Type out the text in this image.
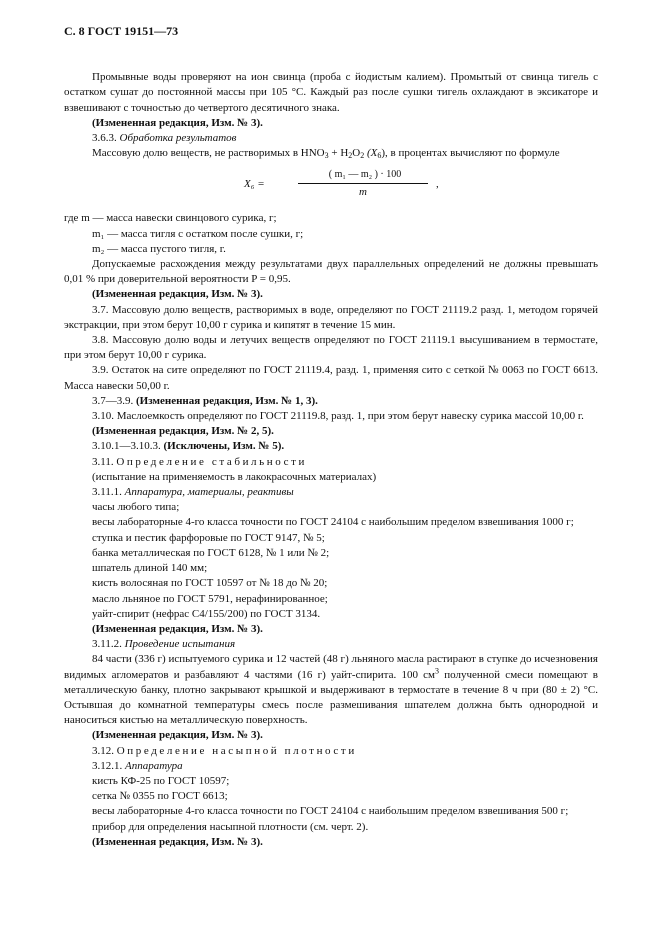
С. 8 ГОСТ 19151—73

Промывные воды проверяют на ион свинца (проба с йодистым калием). Промытый от свинца тигель с остатком сушат до постоянной массы при 105 °С. Каждый раз после сушки тигель охлаждают в эксикаторе и взвешивают с точностью до четвертого десятичного знака.

(Измененная редакция, Изм. № 3).

3.6.3. Обработка результатов

Массовую долю веществ, не растворимых в $HNO_3 + H_2O_2$ $(X_6)$, в процентах вычисляют по формуле

X₆ =
( m₁ — m₂ ) · 100
m
,

где m — масса навески свинцового сурика, г;

m₁ — масса тигля с остатком после сушки, г;

m₂ — масса пустого тигля, г.

Допускаемые расхождения между результатами двух параллельных определений не должны превышать 0,01 % при доверительной вероятности P = 0,95.

(Измененная редакция, Изм. № 3).

3.7. Массовую долю веществ, растворимых в воде, определяют по ГОСТ 21119.2 разд. 1, методом горячей экстракции, при этом берут 10,00 г сурика и кипятят в течение 15 мин.

3.8. Массовую долю воды и летучих веществ определяют по ГОСТ 21119.1 высушиванием в термостате, при этом берут 10,00 г сурика.

3.9. Остаток на сите определяют по ГОСТ 21119.4, разд. 1, применяя сито с сеткой № 0063 по ГОСТ 6613. Масса навески 50,00 г.

3.7—3.9. (Измененная редакция, Изм. № 1, 3).

3.10. Маслоемкость определяют по ГОСТ 21119.8, разд. 1, при этом берут навеску сурика массой 10,00 г.

(Измененная редакция, Изм. № 2, 5).

3.10.1—3.10.3. (Исключены, Изм. № 5).

3.11. Определение стабильности

(испытание на применяемость в лакокрасочных материалах)

3.11.1. Аппаратура, материалы, реактивы

часы любого типа;

весы лабораторные 4-го класса точности по ГОСТ 24104 с наибольшим пределом взвешивания 1000 г;

ступка и пестик фарфоровые по ГОСТ 9147, № 5;

банка металлическая по ГОСТ 6128, № 1 или № 2;

шпатель длиной 140 мм;

кисть волосяная по ГОСТ 10597 от № 18 до № 20;

масло льняное по ГОСТ 5791, нерафинированное;

уайт-спирит (нефрас С4/155/200) по ГОСТ 3134.

(Измененная редакция, Изм. № 3).

3.11.2. Проведение испытания

84 части (336 г) испытуемого сурика и 12 частей (48 г) льняного масла растирают в ступке до исчезновения видимых агломератов и разбавляют 4 частями (16 г) уайт-спирита. 100 $см^3$ полученной смеси помещают в металлическую банку, плотно закрывают крышкой и выдерживают в термостате в течение 8 ч при (80 ± 2) °С. Остывшая до комнатной температуры смесь после размешивания шпателем должна быть однородной и наноситься кистью на металлическую поверхность.

(Измененная редакция, Изм. № 3).

3.12. Определение насыпной плотности

3.12.1. Аппаратура

кисть КФ-25 по ГОСТ 10597;

сетка № 0355 по ГОСТ 6613;

весы лабораторные 4-го класса точности по ГОСТ 24104 с наибольшим пределом взвешивания 500 г;

прибор для определения насыпной плотности (см. черт. 2).

(Измененная редакция, Изм. № 3).
